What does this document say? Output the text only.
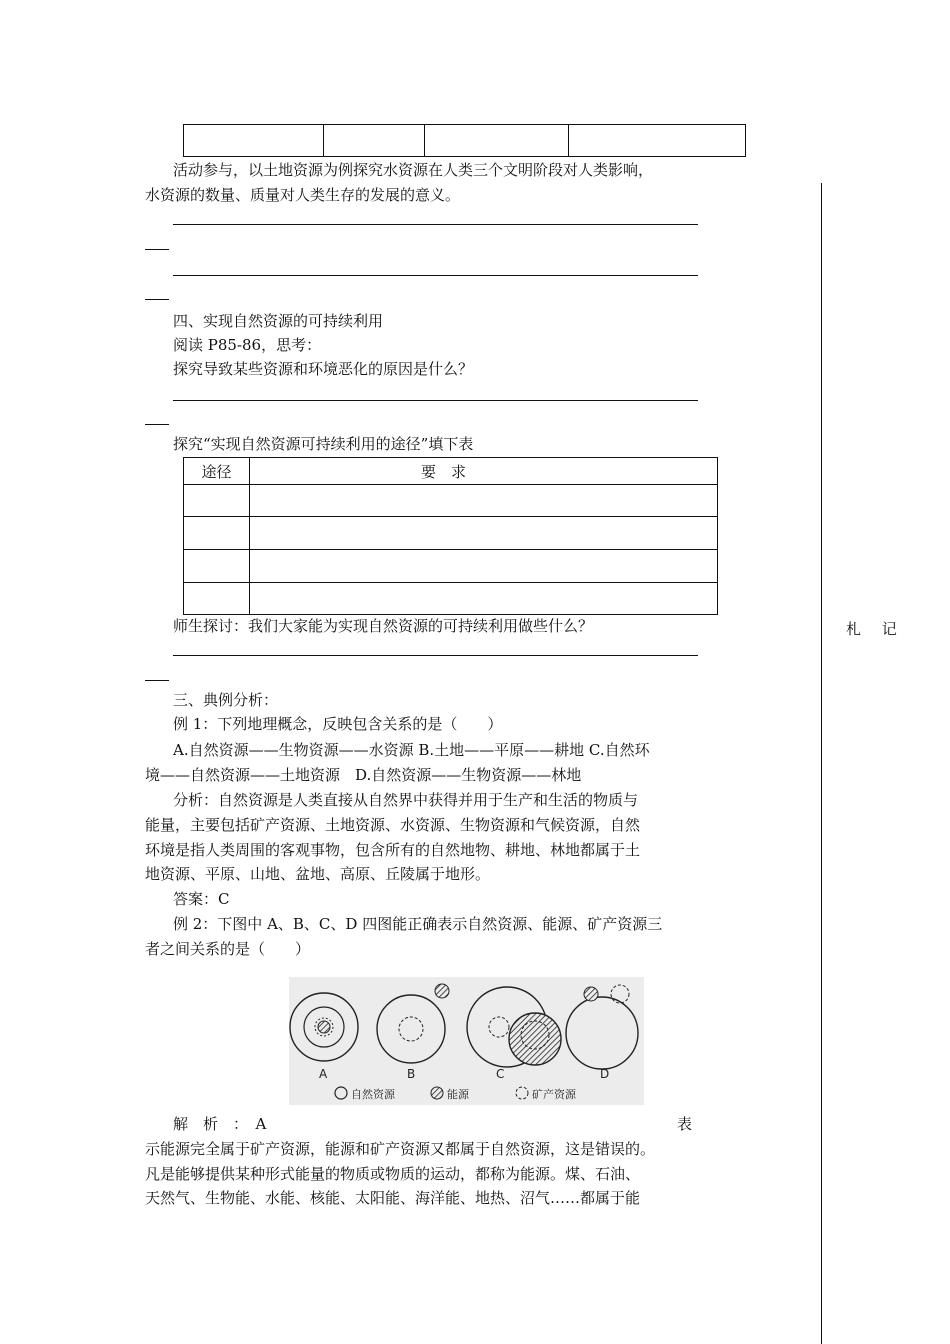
活动参与，以土地资源为例探究水资源在人类三个文明阶段对人类影响，
水资源的数量、质量对人类生存的发展的意义。
四、实现自然资源的可持续利用
阅读 P85-86，思考：
探究导致某些资源和环境恶化的原因是什么？
探究“实现自然资源可持续利用的途径”填下表
途径	要　求

师生探讨：我们大家能为实现自然资源的可持续利用做些什么？	札 记
三、典例分析：
例 1：下列地理概念，反映包含关系的是（　　）
A.自然资源——生物资源——水资源 B.土地——平原——耕地 C.自然环
境——自然资源——土地资源　D.自然资源——生物资源——林地
分析：自然资源是人类直接从自然界中获得并用于生产和生活的物质与
能量，主要包括矿产资源、土地资源、水资源、生物资源和气候资源，自然
环境是指人类周围的客观事物，包含所有的自然地物、耕地、林地都属于土
地资源、平原、山地、盆地、高原、丘陵属于地形。
答案：C
例 2：下图中 A、B、C、D 四图能正确表示自然资源、能源、矿产资源三
者之间关系的是（　　）
A	B	C	D
自然资源	能源	矿产资源
解　析　：　A	表
示能源完全属于矿产资源，能源和矿产资源又都属于自然资源，这是错误的。
凡是能够提供某种形式能量的物质或物质的运动，都称为能源。煤、石油、
天然气、生物能、水能、核能、太阳能、海洋能、地热、沼气……都属于能
